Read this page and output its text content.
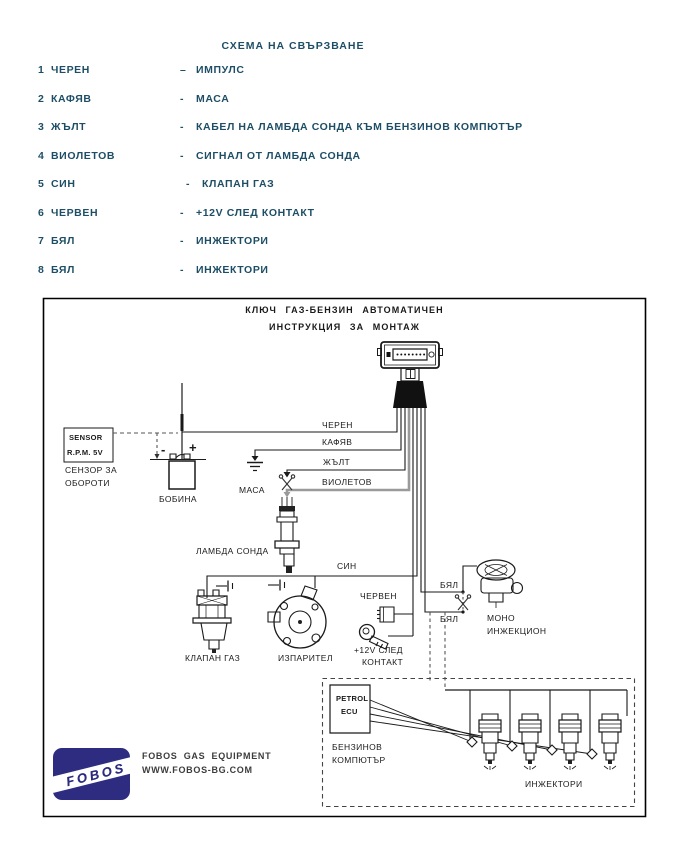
СХЕМА НА СВЪРЗВАНЕ
1 ЧЕРЕН	– ИМПУЛС
2 КАФЯВ	- МАСА
3 ЖЪЛТ	- КАБЕЛ НА ЛАМБДА СОНДА КЪМ БЕНЗИНОВ КОМПЮТЪР
4 ВИОЛЕТОВ	- СИГНАЛ ОТ ЛАМБДА СОНДА
5 СИН	- КЛАПАН ГАЗ
6 ЧЕРВЕН	- +12V СЛЕД КОНТАКТ
7 БЯЛ	- ИНЖЕКТОРИ
8 БЯЛ	- ИНЖЕКТОРИ
КЛЮЧ ГАЗ-БЕНЗИН АВТОМАТИЧЕН
ИНСТРУКЦИЯ ЗА МОНТАЖ
SENSOR
R.P.M. 5V
СЕНЗОР ЗА
ОБОРОТИ
- +
БОБИНА
МАСА
ЧЕРЕН
КАФЯВ
ЖЪЛТ
ВИОЛЕТОВ
СИН
ЧЕРВЕН
БЯЛ
БЯЛ
ЛАМБДА СОНДА
КЛАПАН ГАЗ	ИЗПАРИТЕЛ
+12V СЛЕД
КОНТАКТ
МОНО
ИНЖЕКЦИОН
PETROL
ECU
БЕНЗИНОВ
КОМПЮТЪР
ИНЖЕКТОРИ
FOBOS
FOBOS GAS EQUIPMENT
WWW.FOBOS-BG.COM
